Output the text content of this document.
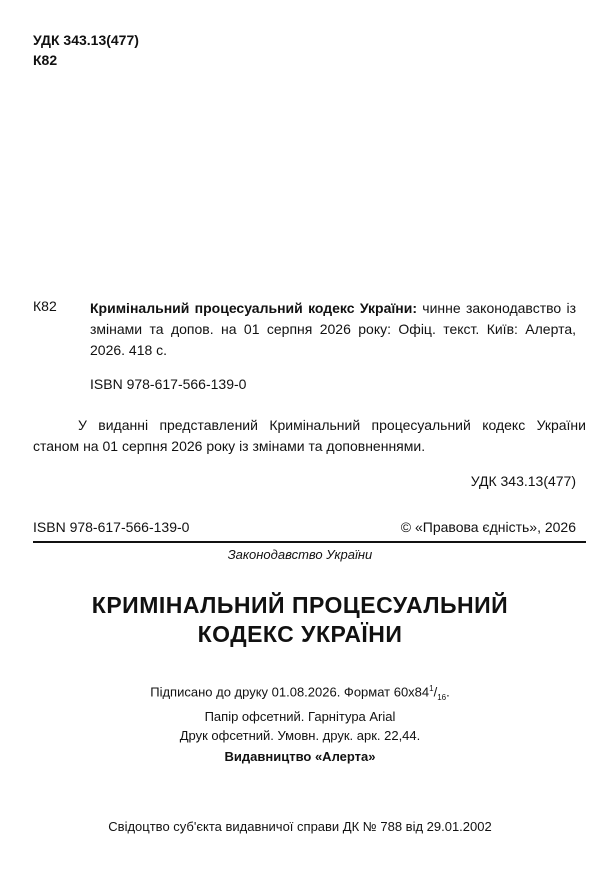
УДК 343.13(477)
К82
К82 Кримінальний процесуальний кодекс України: чинне законодавство із змінами та допов. на 01 серпня 2026 року: Офіц. текст. Київ: Алерта, 2026. 418 с.
ISBN 978-617-566-139-0
У виданні представлений Кримінальний процесуальний кодекс України станом на 01 серпня 2026 року із змінами та доповненнями.
УДК 343.13(477)
ISBN 978-617-566-139-0	© «Правова єдність», 2026
Законодавство України
КРИМІНАЛЬНИЙ ПРОЦЕСУАЛЬНИЙ
КОДЕКС УКРАЇНИ
Підписано до друку 01.08.2026. Формат $60х84^1/_{16}$.
Папір офсетний. Гарнітура Arial
Друк офсетний. Умовн. друк. арк. 22,44.
Видавництво «Алерта»
Свідоцтво суб'єкта видавничої справи ДК № 788 від 29.01.2002
